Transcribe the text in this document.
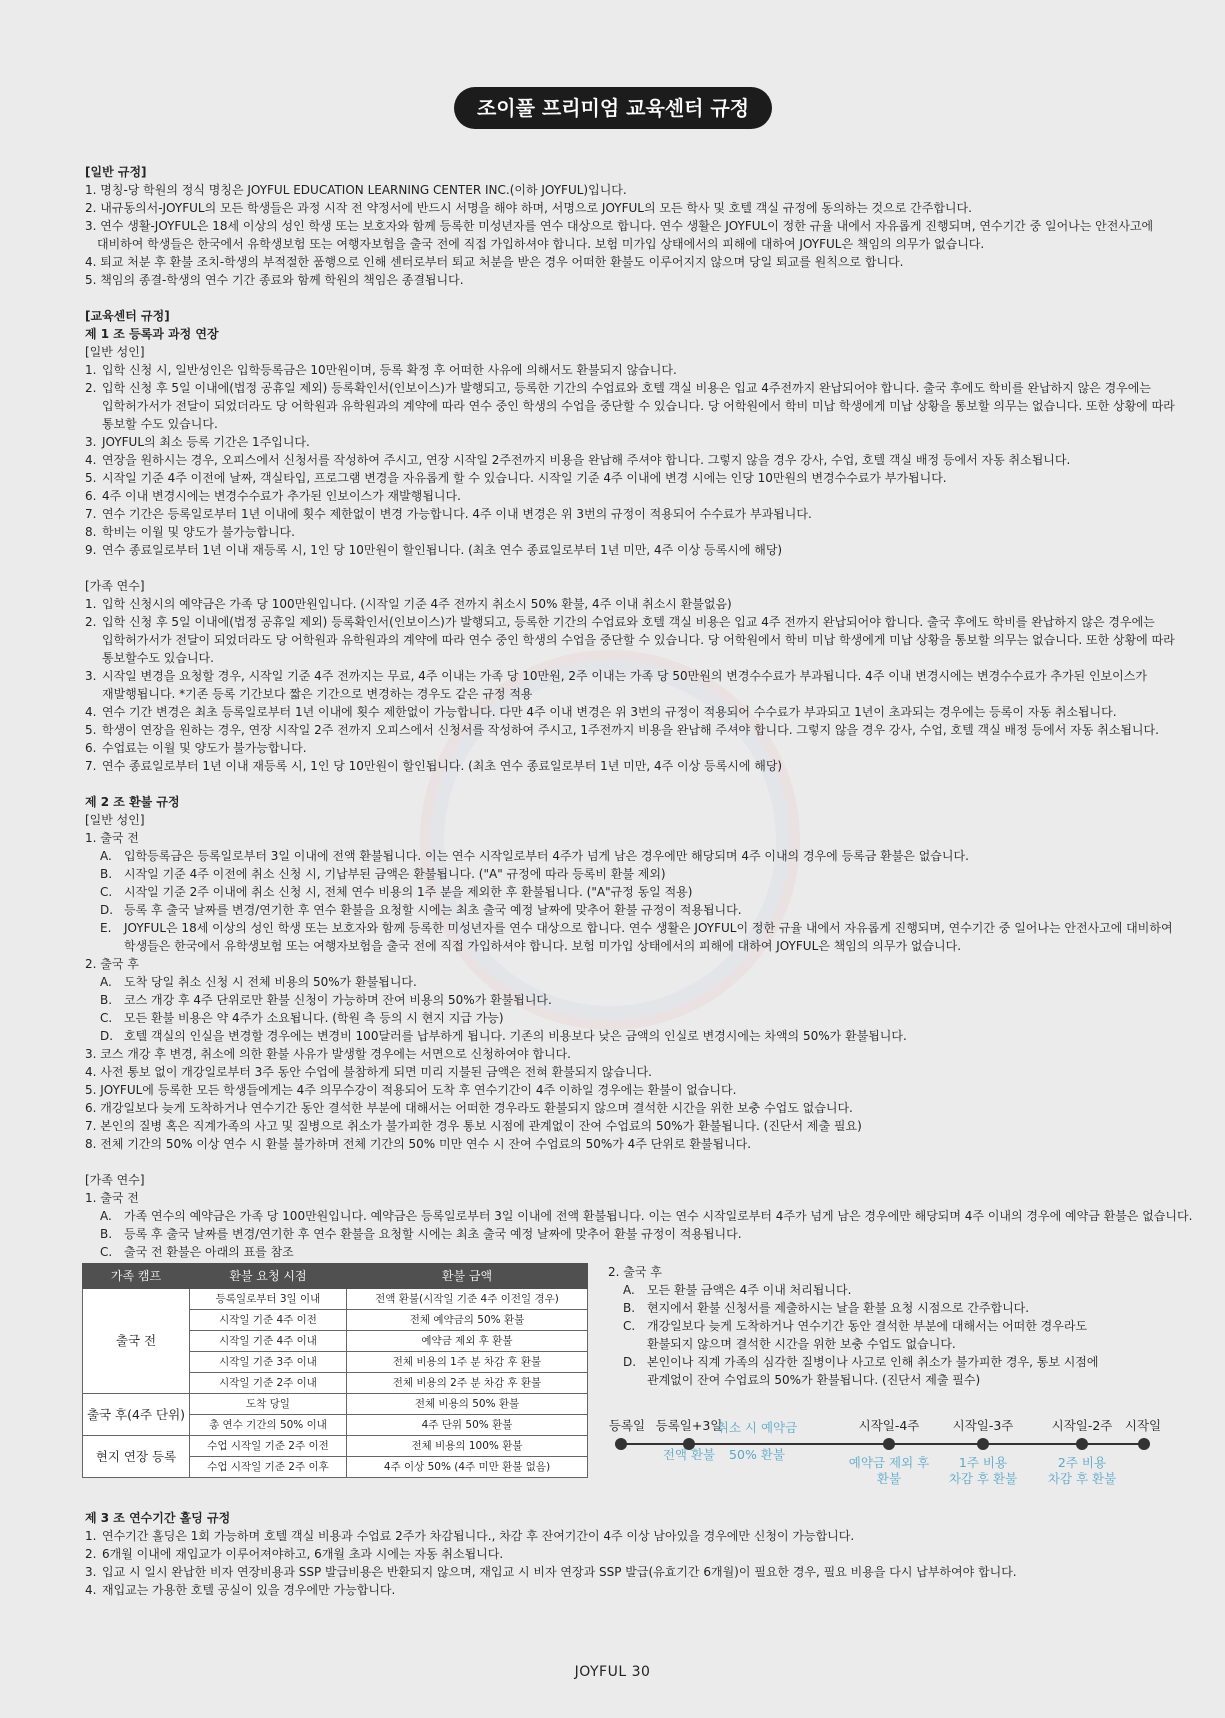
조이풀 프리미엄 교육센터 규정
[일반 규정]
1. 명칭-당 학원의 정식 명칭은 JOYFUL EDUCATION LEARNING CENTER INC.(이하 JOYFUL)입니다.
2. 내규동의서-JOYFUL의 모든 학생들은 과정 시작 전 약정서에 반드시 서명을 해야 하며, 서명으로 JOYFUL의 모든 학사 및 호텔 객실 규정에 동의하는 것으로 간주합니다.
3. 연수 생활-JOYFUL은 18세 이상의 성인 학생 또는 보호자와 함께 등록한 미성년자를 연수 대상으로 합니다. 연수 생활은 JOYFUL이 정한 규율 내에서 자유롭게 진행되며, 연수기간 중 일어나는 안전사고에
대비하여 학생들은 한국에서 유학생보험 또는 여행자보험을 출국 전에 직접 가입하셔야 합니다. 보험 미가입 상태에서의 피해에 대하여 JOYFUL은 책임의 의무가 없습니다.
4. 퇴교 처분 후 환불 조치-학생의 부적절한 품행으로 인해 센터로부터 퇴교 처분을 받은 경우 어떠한 환불도 이루어지지 않으며 당일 퇴교를 원칙으로 합니다.
5. 책임의 종결-학생의 연수 기간 종료와 함께 학원의 책임은 종결됩니다.
[교육센터 규정]
제 1 조 등록과 과정 연장
[일반 성인]
1. 입학 신청 시, 일반성인은 입학등록금은 10만원이며, 등록 확정 후 어떠한 사유에 의해서도 환불되지 않습니다.
2. 입학 신청 후 5일 이내에(법정 공휴일 제외) 등록확인서(인보이스)가 발행되고, 등록한 기간의 수업료와 호텔 객실 비용은 입교 4주전까지 완납되어야 합니다. 출국 후에도 학비를 완납하지 않은 경우에는
입학허가서가 전달이 되었더라도 당 어학원과 유학원과의 계약에 따라 연수 중인 학생의 수업을 중단할 수 있습니다. 당 어학원에서 학비 미납 학생에게 미납 상황을 통보할 의무는 없습니다. 또한 상황에 따라
통보할 수도 있습니다.
3. JOYFUL의 최소 등록 기간은 1주입니다.
4. 연장을 원하시는 경우, 오피스에서 신청서를 작성하여 주시고, 연장 시작일 2주전까지 비용을 완납해 주셔야 합니다. 그렇지 않을 경우 강사, 수업, 호텔 객실 배정 등에서 자동 취소됩니다.
5. 시작일 기준 4주 이전에 날짜, 객실타입, 프로그램 변경을 자유롭게 할 수 있습니다. 시작일 기준 4주 이내에 변경 시에는 인당 10만원의 변경수수료가 부가됩니다.
6. 4주 이내 변경시에는 변경수수료가 추가된 인보이스가 재발행됩니다.
7. 연수 기간은 등록일로부터 1년 이내에 횟수 제한없이 변경 가능합니다. 4주 이내 변경은 위 3번의 규정이 적용되어 수수료가 부과됩니다.
8. 학비는 이월 및 양도가 불가능합니다.
9. 연수 종료일로부터 1년 이내 재등록 시, 1인 당 10만원이 할인됩니다. (최초 연수 종료일로부터 1년 미만, 4주 이상 등록시에 해당)
[가족 연수]
1. 입학 신청시의 예약금은 가족 당 100만원입니다. (시작일 기준 4주 전까지 취소시 50% 환불, 4주 이내 취소시 환불없음)
2. 입학 신청 후 5일 이내에(법정 공휴일 제외) 등록확인서(인보이스)가 발행되고, 등록한 기간의 수업료와 호텔 객실 비용은 입교 4주 전까지 완납되어야 합니다. 출국 후에도 학비를 완납하지 않은 경우에는
입학허가서가 전달이 되었더라도 당 어학원과 유학원과의 계약에 따라 연수 중인 학생의 수업을 중단할 수 있습니다. 당 어학원에서 학비 미납 학생에게 미납 상황을 통보할 의무는 없습니다. 또한 상황에 따라
통보할수도 있습니다.
3. 시작일 변경을 요청할 경우, 시작일 기준 4주 전까지는 무료, 4주 이내는 가족 당 10만원, 2주 이내는 가족 당 50만원의 변경수수료가 부과됩니다. 4주 이내 변경시에는 변경수수료가 추가된 인보이스가
재발행됩니다. *기존 등록 기간보다 짧은 기간으로 변경하는 경우도 같은 규정 적용
4. 연수 기간 변경은 최초 등록일로부터 1년 이내에 횟수 제한없이 가능합니다. 다만 4주 이내 변경은 위 3번의 규정이 적용되어 수수료가 부과되고 1년이 초과되는 경우에는 등록이 자동 취소됩니다.
5. 학생이 연장을 원하는 경우, 연장 시작일 2주 전까지 오피스에서 신청서를 작성하여 주시고, 1주전까지 비용을 완납해 주셔야 합니다. 그렇지 않을 경우 강사, 수업, 호텔 객실 배정 등에서 자동 취소됩니다.
6. 수업료는 이월 및 양도가 불가능합니다.
7. 연수 종료일로부터 1년 이내 재등록 시, 1인 당 10만원이 할인됩니다. (최초 연수 종료일로부터 1년 미만, 4주 이상 등록시에 해당)
제 2 조 환불 규정
[일반 성인]
1. 출국 전
A.	입학등록금은 등록일로부터 3일 이내에 전액 환불됩니다. 이는 연수 시작일로부터 4주가 넘게 남은 경우에만 해당되며 4주 이내의 경우에 등록금 환불은 없습니다.
B. 시작일 기준 4주 이전에 취소 신청 시, 기납부된 금액은 환불됩니다. ("A" 규정에 따라 등록비 환불 제외)
C. 시작일 기준 2주 이내에 취소 신청 시, 전체 연수 비용의 1주 분을 제외한 후 환불됩니다. ("A"규정 동일 적용)
D. 등록 후 출국 날짜를 변경/연기한 후 연수 환불을 요청할 시에는 최초 출국 예정 날짜에 맞추어 환불 규정이 적용됩니다.
E.	JOYFUL은 18세 이상의 성인 학생 또는 보호자와 함께 등록한 미성년자를 연수 대상으로 합니다. 연수 생활은 JOYFUL이 정한 규율 내에서 자유롭게 진행되며, 연수기간 중 일어나는 안전사고에 대비하여
학생들은 한국에서 유학생보험 또는 여행자보험을 출국 전에 직접 가입하셔야 합니다. 보험 미가입 상태에서의 피해에 대하여 JOYFUL은 책임의 의무가 없습니다.
2. 출국 후
A.	도착 당일 취소 신청 시 전체 비용의 50%가 환불됩니다.
B. 코스 개강 후 4주 단위로만 환불 신청이 가능하며 잔여 비용의 50%가 환불됩니다.
C. 모든 환불 비용은 약 4주가 소요됩니다. (학원 측 등의 시 현지 지급 가능)
D. 호텔 객실의 인실을 변경할 경우에는 변경비 100달러를 납부하게 됩니다. 기존의 비용보다 낮은 금액의 인실로 변경시에는 차액의 50%가 환불됩니다.
3. 코스 개강 후 변경, 취소에 의한 환불 사유가 발생할 경우에는 서면으로 신청하여야 합니다.
4. 사전 통보 없이 개강일로부터 3주 동안 수업에 불참하게 되면 미리 지불된 금액은 전혀 환불되지 않습니다.
5. JOYFUL에 등록한 모든 학생들에게는 4주 의무수강이 적용되어 도착 후 연수기간이 4주 이하일 경우에는 환불이 없습니다.
6. 개강일보다 늦게 도착하거나 연수기간 동안 결석한 부분에 대해서는 어떠한 경우라도 환불되지 않으며 결석한 시간을 위한 보충 수업도 없습니다.
7. 본인의 질병 혹은 직계가족의 사고 및 질병으로 취소가 불가피한 경우 통보 시점에 관계없이 잔여 수업료의 50%가 환불됩니다. (진단서 제출 필요)
8. 전체 기간의 50% 이상 연수 시 환불 불가하며 전체 기간의 50% 미만 연수 시 잔여 수업료의 50%가 4주 단위로 환불됩니다.
[가족 연수]
1. 출국 전
A.	가족 연수의 예약금은 가족 당 100만원입니다. 예약금은 등록일로부터 3일 이내에 전액 환불됩니다. 이는 연수 시작일로부터 4주가 넘게 남은 경우에만 해당되며 4주 이내의 경우에 예약금 환불은 없습니다.
B. 등록 후 출국 날짜를 변경/연기한 후 연수 환불을 요청할 시에는 최초 출국 예정 날짜에 맞추어 환불 규정이 적용됩니다.
C. 출국 전 환불은 아래의 표를 참조
가족 캠프	환불 요청 시점	환불 금액
출국 전	등록일로부터 3일 이내	전액 환불(시작일 기준 4주 이전일 경우)
	시작일 기준 4주 이전	전체 예약금의 50% 환불
	시작일 기준 4주 이내	예약금 제외 후 환불
	시작일 기준 3주 이내	전체 비용의 1주 분 차감 후 환불
	시작일 기준 2주 이내	전체 비용의 2주 분 차감 후 환불
출국 후(4주 단위)	도착 당일	전체 비용의 50% 환불
	총 연수 기간의 50% 이내	4주 단위 50% 환불
현지 연장 등록	수업 시작일 기준 2주 이전	전체 비용의 100% 환불
	수업 시작일 기준 2주 이후	4주 이상 50% (4주 미만 환불 없음)
2. 출국 후
A.	모든 환불 금액은 4주 이내 처리됩니다.
B. 현지에서 환불 신청서를 제출하시는 날을 환불 요청 시점으로 간주합니다.
C. 개강일보다 늦게 도착하거나 연수기간 동안 결석한 부분에 대해서는 어떠한 경우라도
환불되지 않으며 결석한 시간을 위한 보충 수업도 없습니다.
D. 본인이나 직계 가족의 심각한 질병이나 사고로 인해 취소가 불가피한 경우, 통보 시점에
관계없이 잔여 수업료의 50%가 환불됩니다. (진단서 제출 필수)
등록일 등록일+3일
취소 시 예약금	시작일-4주	시작일-3주	시작일-2주 시작일
전액 환불 50% 환불
예약금 제외 후
환불
1주 비용
차감 후 환불
2주 비용
차감 후 환불
제 3 조 연수기간 홀딩 규정
1. 연수기간 홀딩은 1회 가능하며 호텔 객실 비용과 수업료 2주가 차감됩니다., 차감 후 잔여기간이 4주 이상 남아있을 경우에만 신청이 가능합니다.
2. 6개월 이내에 재입교가 이루어져야하고, 6개월 초과 시에는 자동 취소됩니다.
3. 입교 시 일시 완납한 비자 연장비용과 SSP 발급비용은 반환되지 않으며, 재입교 시 비자 연장과 SSP 발급(유효기간 6개월)이 필요한 경우, 필요 비용을 다시 납부하여야 합니다.
4. 재입교는 가용한 호텔 공실이 있을 경우에만 가능합니다.
JOYFUL 30
